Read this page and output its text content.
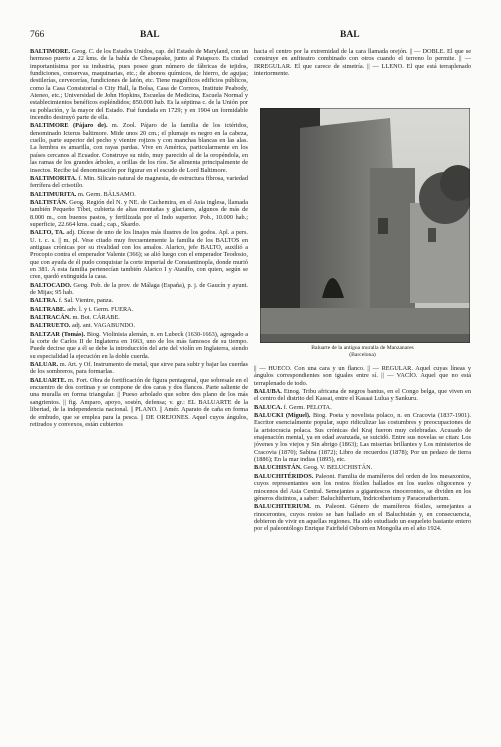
766	BAL	BAL
BALTIMORE. Geog. C. de los Estados Unidos, cap. del Estado de Maryland, con un hermoso puerto a 22 kms. de la bahía de Chesapeake, junto al Patapsco. Es ciudad importantísima por su industria, pues posee gran número de fábricas de tejidos, fundiciones, conservas, maquinarias, etc.; de abonos químicos, de hierro, de agujas; destilerías, cervecerías, fundiciones de latón, etc. Tiene magníficos edificios públicos, como la Casa Consistorial o City Hall, la Bolsa, Casa de Correos, Institute Peabody, Ateneo, etc.; Universidad de John Hopkins, Escuelas de Medicina, Escuela Normal y establecimientos benéficos espléndidos; 850.000 hab. Es la séptima c. de la Unión por su población, y la mayor del Estado. Fué fundada en 1729; y en 1904 un formidable incendio destruyó parte de ella.
BALTIMORE (Pájaro de). m. Zool. Pájaro de la familia de los ictéridos, denominado Icterus baltimore. Mide unos 20 cm.; el plumaje es negro en la cabeza, cuello, parte superior del pecho y vientre rojizos y con manchas blancas en las alas. La hembra es amarilla, con rayas pardas. Vive en América, particularmente en los países cercanos al Ecuador. Construye su nido, muy parecido al de la oropéndola, en las ramas de los grandes árboles, a orillas de los ríos. Se alimenta principalmente de insectos. Recibe tal denominación por figurar en el escudo de Lord Baltimore.
BALTIMORITA. f. Min. Silicato natural de magnesia, de estructura fibrosa, variedad ferrífera del crisotilo.
BALTIMURITA. m. Germ. BÁLSAMO.
BALTISTÁN. Geog. Región del N. y NE. de Cachemira, en el Asia inglesa, llamada también Pequeño Tíbet, cubierta de altas montañas y glaciares, algunos de más de 8.000 m., con buenos pastos, y fertilizada por el Indo superior. Pob., 10.000 hab.; superficie, 22.664 kms. cuad.; cap., Skardo.
BALTO, TA. adj. Dícese de uno de los linajes más ilustres de los godos. Apl. a pers. U. t. c. s. || m. pl. Vese citado muy frecuentemente la familia de los BALTOS en antiguas crónicas por su rivalidad con los amalos. Alarico, jefe BALTO, auxilió a Procopio contra el emperador Valente (366); se alió luego con el emperador Teodosio, que con ayuda de él pudo conquistar la corte imperial de Constantinopla, donde murió en 381. A esta familia pertenecían también Alarico I y Ataulfo, con quien, según se cree, quedó extinguida la casa.
BALTOCADO. Geog. Pob. de la prov. de Málaga (España), p. j. de Gaucín y ayunt. de Mijas; 95 hab.
BALTRA. f. Sal. Vientre, panza.
BALTRABE. adv. l. y t. Germ. FUERA.
BALTRACÁN. m. Bot. CÁRABE.
BALTRUETO. adj. ant. VAGABUNDO.
BALTZAR (Tomás). Biog. Violinista alemán, n. en Lubeck (1630-1663), agregado a la corte de Carlos II de Inglaterra en 1663, uno de los más famosos de su tiempo. Puede decirse que a él se debe la introducción del arte del violín en Inglaterra, siendo su especialidad la ejecución en la doble cuerda.
BALUAR. m. Art. y Of. Instrumento de metal, que sirve para subir y bajar las cuerdas de los sombreros, para formarlas.
BALUARTE. m. Fort. Obra de fortificación de figura pentagonal, que sobresale en el encuentro de dos cortinas y se compone de dos caras y dos flancos. Parte saliente de una muralla en forma triangular. || Pueso arbolado que sobre dos plano de los más sangrientos. || fig. Amparo, apoyo, sostén, defensa; v. gr.: EL BALUARTE de la libertad, de la independencia nacional. || PLANO. || Amér. Aparato de caña en forma de embudo, que se emplea para la pesca. || DE OREJONES. Aquel cuyos ángulos, retirados y convexos, están cubiertos
hacia el centro por la extremidad de la cara llamada orejón. || — DOBLE. El que se construye en anfiteatro combinado con otros cuando el terreno lo permite. || — IRREGULAR. El que carece de simetría. || — LLENO. El que está terraplenado interiormente.
Baluarte de la antigua muralla de Manzanares
(Barcelona)
|| — HUECO. Con una cara y un flanco. || — REGULAR. Aquel cuyas líneas y ángulos correspondientes son iguales entre sí. || — VACÍO. Aquel que no está terraplenado de todo.
BALUBA. Etnog. Tribu africana de negros bantus, en el Congo belga, que viven en el centro del distrito del Kassai, entre el Kasaai Lulua y Sankuru.
BALUCA. f. Germ. PELOTA.
BALUCKI (Miguel). Biog. Poeta y novelista polaco, n. en Cracovia (1837-1901). Escritor esencialmente popular, supo ridiculizar las costumbres y preocupaciones de la aristocracia polaca. Sus crónicas del Kraj fueron muy celebradas. Acusado de enajenación mental, ya en edad avanzada, se suicidó. Entre sus novelas se citan: Los jóvenes y los viejos y Sin abrigo (1863); Las miserias brillantes y Los ministerios de Cracovia (1870); Sabina (1872); Libro de recuerdos (1878); Por un pedazo de tierra (1886); En la mar indias (1895), etc.
BALUCHISTÁN. Geog. V. BELUCHISTÁN.
BALUCHITÉRIDOS. Paleont. Familia de mamíferos del orden de los mesaxonios, cuyos representantes son los restos fósiles hallados en los suelos oligocenos y miocenos del Asia Central. Semejantes a gigantescos rinocerontes, se dividen en los géneros distintos, a saber: Baluchitherium, Indricotherium y Paraceratherium.
BALUCHITERIUM. m. Paleont. Género de mamíferos fósiles, semejantes a rinocerontes, cuyos restos se han hallado en el Baluchistán y, en consecuencia, debieron de vivir en aquellas regiones. Ha sido estudiado un esqueleto bastante entero por el paleontólogo Enrique Fairfield Osborn en Mongolia en el año 1924.
